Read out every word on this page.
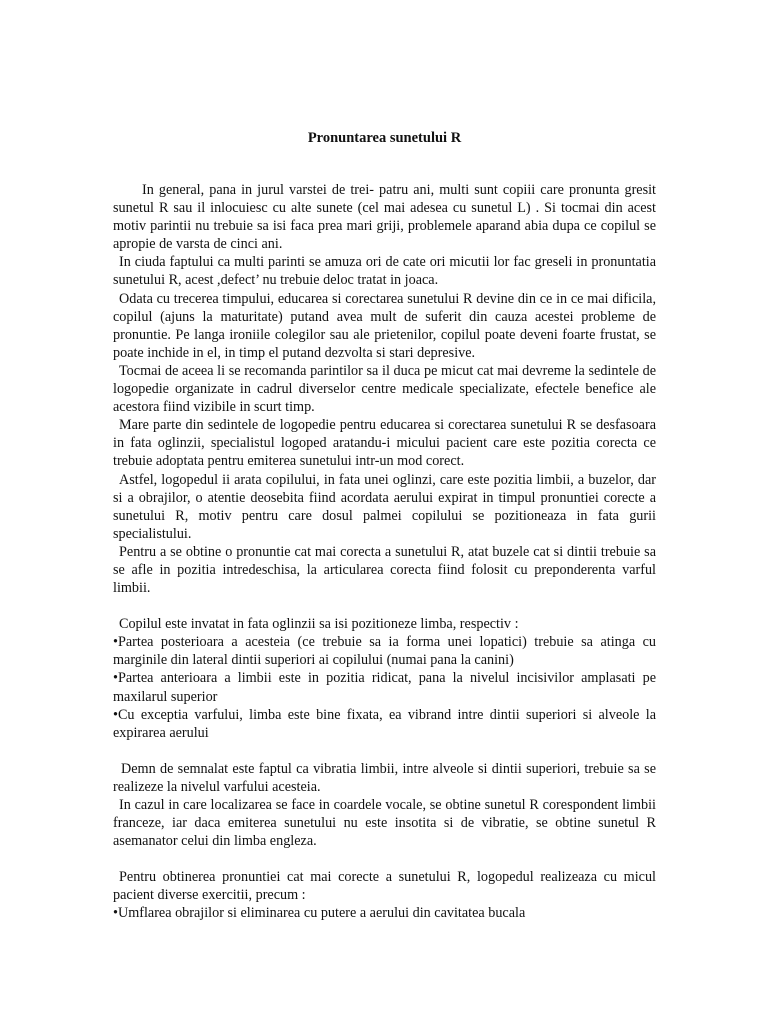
Pronuntarea sunetului R

In general, pana in jurul varstei de trei- patru ani, multi sunt copiii care pronunta gresit sunetul R sau il inlocuiesc cu alte sunete (cel mai adesea cu sunetul L) . Si tocmai din acest motiv parintii nu trebuie sa isi faca prea mari griji, problemele aparand abia dupa ce copilul se apropie de varsta de cinci ani.

In ciuda faptului ca multi parinti se amuza ori de cate ori micutii lor fac greseli in pronuntatia sunetului R, acest ,defect’ nu trebuie deloc tratat in joaca.

Odata cu trecerea timpului, educarea si corectarea sunetului R devine din ce in ce mai dificila, copilul (ajuns la maturitate) putand avea mult de suferit din cauza acestei probleme de pronuntie. Pe langa ironiile colegilor sau ale prietenilor, copilul poate deveni foarte frustat, se poate inchide in el, in timp el putand dezvolta si stari depresive.

Tocmai de aceea li se recomanda parintilor sa il duca pe micut cat mai devreme la sedintele de logopedie organizate in cadrul diverselor centre medicale specializate, efectele benefice ale acestora fiind vizibile in scurt timp.

Mare parte din sedintele de logopedie pentru educarea si corectarea sunetului R se desfasoara in fata oglinzii, specialistul logoped aratandu-i micului pacient care este pozitia corecta ce trebuie adoptata pentru emiterea sunetului intr-un mod corect.

Astfel, logopedul ii arata copilului, in fata unei oglinzi, care este pozitia limbii, a buzelor, dar si a obrajilor, o atentie deosebita fiind acordata aerului expirat in timpul pronuntiei corecte a sunetului R, motiv pentru care dosul palmei copilului se pozitioneaza in fata gurii specialistului.

Pentru a se obtine o pronuntie cat mai corecta a sunetului R, atat buzele cat si dintii trebuie sa se afle in pozitia intredeschisa, la articularea corecta fiind folosit cu preponderenta varful limbii.

Copilul este invatat in fata oglinzii sa isi pozitioneze limba, respectiv :

•Partea posterioara a acesteia (ce trebuie sa ia forma unei lopatici) trebuie sa atinga cu marginile din lateral dintii superiori ai copilului (numai pana la canini)

•Partea anterioara a limbii este in pozitia ridicat, pana la nivelul incisivilor amplasati pe maxilarul superior

•Cu exceptia varfului, limba este bine fixata, ea vibrand intre dintii superiori si alveole la expirarea aerului

Demn de semnalat este faptul ca vibratia limbii, intre alveole si dintii superiori, trebuie sa se realizeze la nivelul varfului acesteia.

In cazul in care localizarea se face in coardele vocale, se obtine sunetul R corespondent limbii franceze, iar daca emiterea sunetului nu este insotita si de vibratie, se obtine sunetul R asemanator celui din limba engleza.

Pentru obtinerea pronuntiei cat mai corecte a sunetului R, logopedul realizeaza cu micul pacient diverse exercitii, precum :

•Umflarea obrajilor si eliminarea cu putere a aerului din cavitatea bucala
